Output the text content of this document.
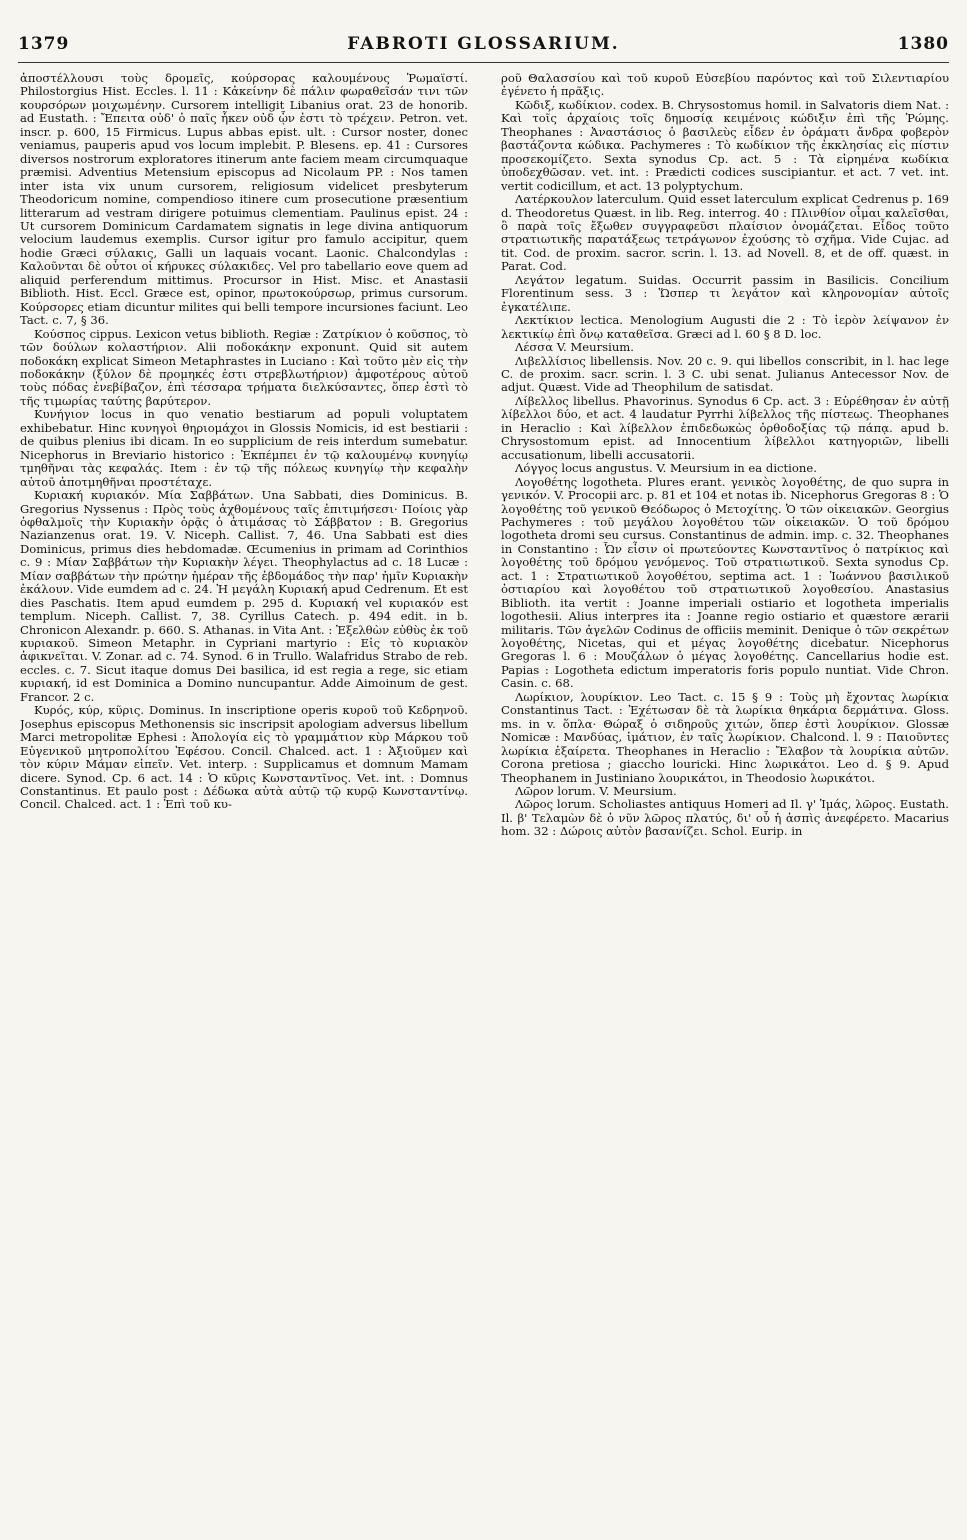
1379	FABROTI GLOSSARIUM.	1380

ἀποστέλλουσι τοὺς δρομεῖς, κούρσορας καλουμένους Ῥωμαϊστί. Philostorgius Hist. Eccles. l. 11 : Κἀκείνην δὲ πάλιν φωραθεῖσάν τινι τῶν κουρσόρων μοιχωμένην. Cursorem intelligit Libanius orat. 23 de honorib. ad Eustath. : Ἔπειτα οὐδ' ὁ παῖς ἧκεν οὐδ ᾧν ἐστι τὸ τρέχειν. Petron. vet. inscr. p. 600, 15 Firmicus. Lupus abbas epist. ult. : Cursor noster, donec veniamus, pauperis apud vos locum implebit. P. Blesens. ep. 41 : Cursores diversos nostrorum exploratores itinerum ante faciem meam circumquaque præmisi. Adventius Metensium episcopus ad Nicolaum PP. : Nos tamen inter ista vix unum cursorem, religiosum videlicet presbyterum Theodoricum nomine, compendioso itinere cum prosecutione præsentium litterarum ad vestram dirigere potuimus clementiam. Paulinus epist. 24 : Ut cursorem Dominicum Cardamatem signatis in lege divina antiquorum velocium laudemus exemplis. Cursor igitur pro famulo accipitur, quem hodie Græci σύλακις, Galli un laquais vocant. Laonic. Chalcondylas : Καλοῦνται δὲ οὗτοι οἱ κήρυκες σύλακιδες. Vel pro tabellario eove quem ad aliquid perferendum mittimus. Procursor in Hist. Misc. et Anastasii Biblioth. Hist. Eccl. Græce est, opinor, πρωτοκούρσωρ, primus cursorum. Κούρσορες etiam dicuntur milites qui belli tempore incursiones faciunt. Leo Tact. c. 7, § 36.

Κούσπος cippus. Lexicon vetus biblioth. Regiæ : Ζατρίκιον ὁ κοῦσπος, τὸ τῶν δούλων κολαστήριον. Alii ποδοκάκην exponunt. Quid sit autem ποδοκάκη explicat Simeon Metaphrastes in Luciano : Καὶ τοῦτο μὲν εἰς τὴν ποδοκάκην (ξύλον δὲ προμηκές ἐστι στρεβλωτήριον) ἀμφοτέρους αὐτοῦ τοὺς πόδας ἐνεβίβαζον, ἐπὶ τέσσαρα τρήματα διελκύσαντες, ὅπερ ἐστὶ τὸ τῆς τιμωρίας ταύτης βαρύτερον.

Κυνήγιον locus in quo venatio bestiarum ad populi voluptatem exhibebatur. Hinc κυνηγοὶ θηριομάχοι in Glossis Nomicis, id est bestiarii : de quibus plenius ibi dicam. In eo supplicium de reis interdum sumebatur. Nicephorus in Breviario historico : Ἐκπέμπει ἐν τῷ καλουμένῳ κυνηγίῳ τμηθῆναι τὰς κεφαλάς. Item : ἐν τῷ τῆς πόλεως κυνηγίῳ τὴν κεφαλὴν αὐτοῦ ἀποτμηθῆναι προστέταχε.

Κυριακή κυριακόν. Μία Σαββάτων. Una Sabbati, dies Dominicus. B. Gregorius Nyssenus : Πρὸς τοὺς ἀχθομένους ταῖς ἐπιτιμήσεσι· Ποίοις γὰρ ὀφθαλμοῖς τὴν Κυριακὴν ὁρᾷς ὁ ἀτιμάσας τὸ Σάββατον : B. Gregorius Nazianzenus orat. 19. V. Niceph. Callist. 7, 46. Una Sabbati est dies Dominicus, primus dies hebdomadæ. Œcumenius in primam ad Corinthios c. 9 : Μίαν Σαββάτων τὴν Κυριακὴν λέγει. Theophylactus ad c. 18 Lucæ : Μίαν σαββάτων τὴν πρώτην ἡμέραν τῆς ἑβδομάδος τὴν παρ' ἡμῖν Κυριακὴν ἐκάλουν. Vide eumdem ad c. 24. Ἡ μεγάλη Κυριακή apud Cedrenum. Et est dies Paschatis. Item apud eumdem p. 295 d. Κυριακή vel κυριακόν est templum. Niceph. Callist. 7, 38. Cyrillus Catech. p. 494 edit. in b. Chronicon Alexandr. p. 660. S. Athanas. in Vita Ant. : Ἐξελθὼν εὐθὺς ἐκ τοῦ κυριακοῦ. Simeon Metaphr. in Cypriani martyrio : Εἰς τὸ κυριακὸν ἀφικνεῖται. V. Zonar. ad c. 74. Synod. 6 in Trullo. Walafridus Strabo de reb. eccles. c. 7. Sicut itaque domus Dei basilica, id est regia a rege, sic etiam κυριακή, id est Dominica a Domino nuncupantur. Adde Aimoinum de gest. Francor. 2 c.

Κυρός, κύρ, κῦρις. Dominus. In inscriptione operis κυροῦ τοῦ Κεδρηνοῦ. Josephus episcopus Methonensis sic inscripsit apologiam adversus libellum Marci metropolitæ Ephesi : Ἀπολογία εἰς τὸ γραμμάτιον κὺρ Μάρκου τοῦ Εὐγενικοῦ μητροπολίτου Ἐφέσου. Concil. Chalced. act. 1 : Ἀξιοῦμεν καὶ τὸν κύριν Μάμαν εἰπεῖν. Vet. interp. : Supplicamus et domnum Mamam dicere. Synod. Cp. 6 act. 14 : Ὁ κῦρις Κωνσταντῖνος. Vet. int. : Domnus Constantinus. Et paulo post : Δέδωκα αὐτὰ αὐτῷ τῷ κυρῷ Κωνσταντίνῳ. Concil. Chalced. act. 1 : Ἐπὶ τοῦ κυ-

ροῦ Θαλασσίου καὶ τοῦ κυροῦ Εὐσεβίου παρόντος καὶ τοῦ Σιλεντιαρίου ἐγένετο ἡ πρᾶξις.

Κῶδιξ, κωδίκιον. codex. B. Chrysostomus homil. in Salvatoris diem Nat. : Καὶ τοῖς ἀρχαίοις τοῖς δημοσίᾳ κειμένοις κώδιξιν ἐπὶ τῆς Ῥώμης. Theophanes : Ἀναστάσιος ὁ βασιλεὺς εἶδεν ἐν ὁράματι ἄνδρα φοβερὸν βαστάζοντα κώδικα. Pachymeres : Τὸ κωδίκιον τῆς ἐκκλησίας εἰς πίστιν προσεκομίζετο. Sexta synodus Cp. act. 5 : Τὰ εἰρημένα κωδίκια ὑποδεχθῶσαν. vet. int. : Prædicti codices suscipiantur. et act. 7 vet. int. vertit codicillum, et act. 13 polyptychum.

Λατέρκουλον laterculum. Quid esset laterculum explicat Cedrenus p. 169 d. Theodoretus Quæst. in lib. Reg. interrog. 40 : Πλινθίον οἶμαι καλεῖσθαι, ὃ παρὰ τοῖς ἔξωθεν συγγραφεῦσι πλαίσιον ὀνομάζεται. Εἶδος τοῦτο στρατιωτικῆς παρατάξεως τετράγωνον ἐχούσης τὸ σχῆμα. Vide Cujac. ad tit. Cod. de proxim. sacror. scrin. l. 13. ad Novell. 8, et de off. quæst. in Parat. Cod.

Λεγάτον legatum. Suidas. Occurrit passim in Basilicis. Concilium Florentinum sess. 3 : Ὥσπερ τι λεγάτον καὶ κληρονομίαν αὐτοῖς ἐγκατέλιπε.

Λεκτίκιον lectica. Menologium Augusti die 2 : Τὸ ἱερὸν λείψανον ἐν λεκτικίῳ ἐπὶ ὄνῳ καταθεῖσα. Græci ad l. 60 § 8 D. loc.

Λέσσα V. Meursium.

Λιβελλίσιος libellensis. Nov. 20 c. 9. qui libellos conscribit, in l. hac lege C. de proxim. sacr. scrin. l. 3 C. ubi senat. Julianus Antecessor Nov. de adjut. Quæst. Vide ad Theophilum de satisdat.

Λίβελλος libellus. Phavorinus. Synodus 6 Cp. act. 3 : Εὑρέθησαν ἐν αὐτῇ λίβελλοι δύο, et act. 4 laudatur Pyrrhi λίβελλος τῆς πίστεως. Theophanes in Heraclio : Καὶ λίβελλον ἐπιδεδωκὼς ὀρθοδοξίας τῷ πάπᾳ. apud b. Chrysostomum epist. ad Innocentium λίβελλοι κατηγοριῶν, libelli accusationum, libelli accusatorii.

Λόγγος locus angustus. V. Meursium in ea dictione.

Λογοθέτης logotheta. Plures erant. γενικὸς λογοθέτης, de quo supra in γενικόν. V. Procopii arc. p. 81 et 104 et notas ib. Nicephorus Gregoras 8 : Ὁ λογοθέτης τοῦ γενικοῦ Θεόδωρος ὁ Μετοχίτης. Ὁ τῶν οἰκειακῶν. Georgius Pachymeres : τοῦ μεγάλου λογοθέτου τῶν οἰκειακῶν. Ὁ τοῦ δρόμου logotheta dromi seu cursus. Constantinus de admin. imp. c. 32. Theophanes in Constantino : Ὧν εἶσιν οἱ πρωτεύοντες Κωνσταντῖνος ὁ πατρίκιος καὶ λογοθέτης τοῦ δρόμου γενόμενος. Τοῦ στρατιωτικοῦ. Sexta synodus Cp. act. 1 : Στρατιωτικοῦ λογοθέτου, septima act. 1 : Ἰωάννου βασιλικοῦ ὀστιαρίου καὶ λογοθέτου τοῦ στρατιωτικοῦ λογοθεσίου. Anastasius Biblioth. ita vertit : Joanne imperiali ostiario et logotheta imperialis logothesii. Alius interpres ita : Joanne regio ostiario et quæstore ærarii militaris. Τῶν ἀγελῶν Codinus de officiis meminit. Denique ὁ τῶν σεκρέτων λογοθέτης, Nicetas, qui et μέγας λογοθέτης dicebatur. Nicephorus Gregoras l. 6 : Μουζάλων ὁ μέγας λογοθέτης. Cancellarius hodie est. Papias : Logotheta edictum imperatoris foris populo nuntiat. Vide Chron. Casin. c. 68.

Λωρίκιον, λουρίκιον. Leo Tact. c. 15 § 9 : Τοὺς μὴ ἔχοντας λωρίκια Constantinus Tact. : Ἐχέτωσαν δὲ τὰ λωρίκια θηκάρια δερμάτινα. Gloss. ms. in v. ὅπλα· Θώραξ ὁ σιδηροῦς χιτών, ὅπερ ἐστὶ λουρίκιον. Glossæ Nomicæ : Μανδύας, ἱμάτιον, ἐν ταῖς λωρίκιον. Chalcond. l. 9 : Παιοῦντες λωρίκια ἐξαίρετα. Theophanes in Heraclio : Ἔλαβον τὰ λουρίκια αὐτῶν. Corona pretiosa ; giaccho louricki. Hinc λωρικάτοι. Leo d. § 9. Apud Theophanem in Justiniano λουρικάτοι, in Theodosio λωρικάτοι.

Λῶρον lorum. V. Meursium.

Λῶρος lorum. Scholiastes antiquus Homeri ad Il. γ' Ἱμάς, λῶρος. Eustath. Il. β' Τελαμὼν δὲ ὁ νῦν λῶρος πλατύς, δι' οὗ ἡ ἀσπὶς ἀνεφέρετο. Macarius hom. 32 : Δώροις αὐτὸν βασανίζει. Schol. Eurip. in
